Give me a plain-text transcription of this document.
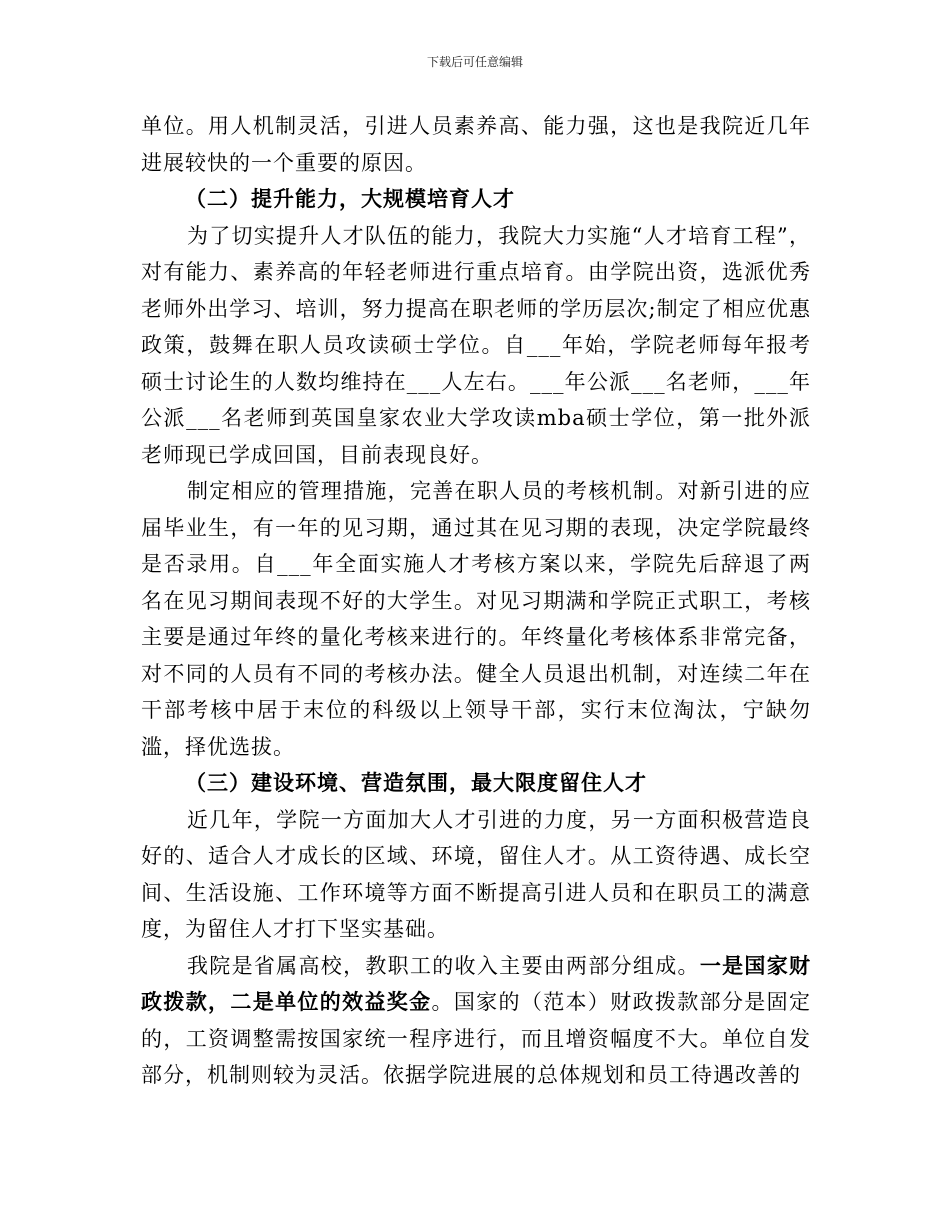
下载后可任意编辑

单位。用人机制灵活，引进人员素养高、能力强，这也是我院近几年进展较快的一个重要的原因。

（二）提升能力，大规模培育人才

为了切实提升人才队伍的能力，我院大力实施“人才培育工程”，对有能力、素养高的年轻老师进行重点培育。由学院出资，选派优秀老师外出学习、培训，努力提高在职老师的学历层次;制定了相应优惠政策，鼓舞在职人员攻读硕士学位。自___年始，学院老师每年报考硕士讨论生的人数均维持在___人左右。___年公派___名老师，___年公派___名老师到英国皇家农业大学攻读mba硕士学位，第一批外派老师现已学成回国，目前表现良好。

制定相应的管理措施，完善在职人员的考核机制。对新引进的应届毕业生，有一年的见习期，通过其在见习期的表现，决定学院最终是否录用。自___年全面实施人才考核方案以来，学院先后辞退了两名在见习期间表现不好的大学生。对见习期满和学院正式职工，考核主要是通过年终的量化考核来进行的。年终量化考核体系非常完备，对不同的人员有不同的考核办法。健全人员退出机制，对连续二年在干部考核中居于末位的科级以上领导干部，实行末位淘汰，宁缺勿滥，择优选拔。

（三）建设环境、营造氛围，最大限度留住人才

近几年，学院一方面加大人才引进的力度，另一方面积极营造良好的、适合人才成长的区域、环境，留住人才。从工资待遇、成长空间、生活设施、工作环境等方面不断提高引进人员和在职员工的满意度，为留住人才打下坚实基础。

我院是省属高校，教职工的收入主要由两部分组成。一是国家财政拨款，二是单位的效益奖金。国家的（范本）财政拨款部分是固定的，工资调整需按国家统一程序进行，而且增资幅度不大。单位自发部分，机制则较为灵活。依据学院进展的总体规划和员工待遇改善的
